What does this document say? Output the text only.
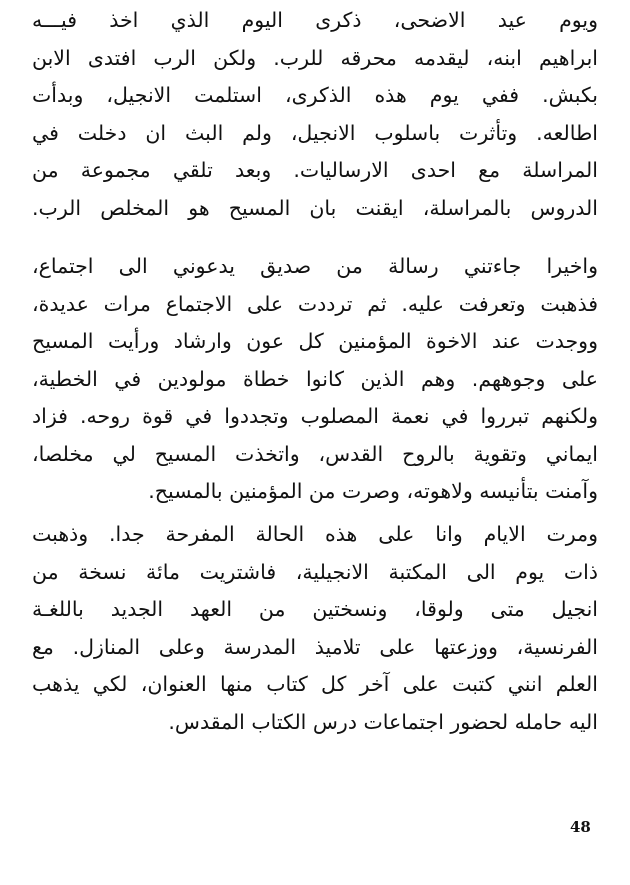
ويوم عيد الاضحى، ذكرى اليوم الذي اخذ فيـــه
ابراهيم ابنه، ليقدمه محرقه للرب. ولكن الرب افتدى الابن
بكبش. ففي يوم هذه الذكرى، استلمت الانجيل، وبدأت
اطالعه. وتأثرت باسلوب الانجيل، ولم البث ان دخلت في
المراسلة مع احدى الارساليات. وبعد تلقي مجموعة من
الدروس بالمراسلة، ايقنت بان المسيح هو المخلص الرب.
واخيرا جاءتني رسالة من صديق يدعوني الى اجتماع،
فذهبت وتعرفت عليه. ثم ترددت على الاجتماع مرات عديدة،
ووجدت عند الاخوة المؤمنين كل عون وارشاد ورأيت المسيح
على وجوههم. وهم الذين كانوا خطاة مولودين في الخطية،
ولكنهم تبرروا في نعمة المصلوب وتجددوا في قوة روحه. فزاد
ايماني وتقوية بالروح القدس، واتخذت المسيح لي مخلصا،
وآمنت بتأنيسه ولاهوته، وصرت من المؤمنين بالمسيح.
ومرت الايام وانا على هذه الحالة المفرحة جدا. وذهبت
ذات يوم الى المكتبة الانجيلية، فاشتريت مائة نسخة من
انجيل متى ولوقا، ونسختين من العهد الجديد باللغـة
الفرنسية، ووزعتها على تلاميذ المدرسة وعلى المنازل. مع
العلم انني كتبت على آخر كل كتاب منها العنوان، لكي يذهب
اليه حامله لحضور اجتماعات درس الكتاب المقدس.
48
